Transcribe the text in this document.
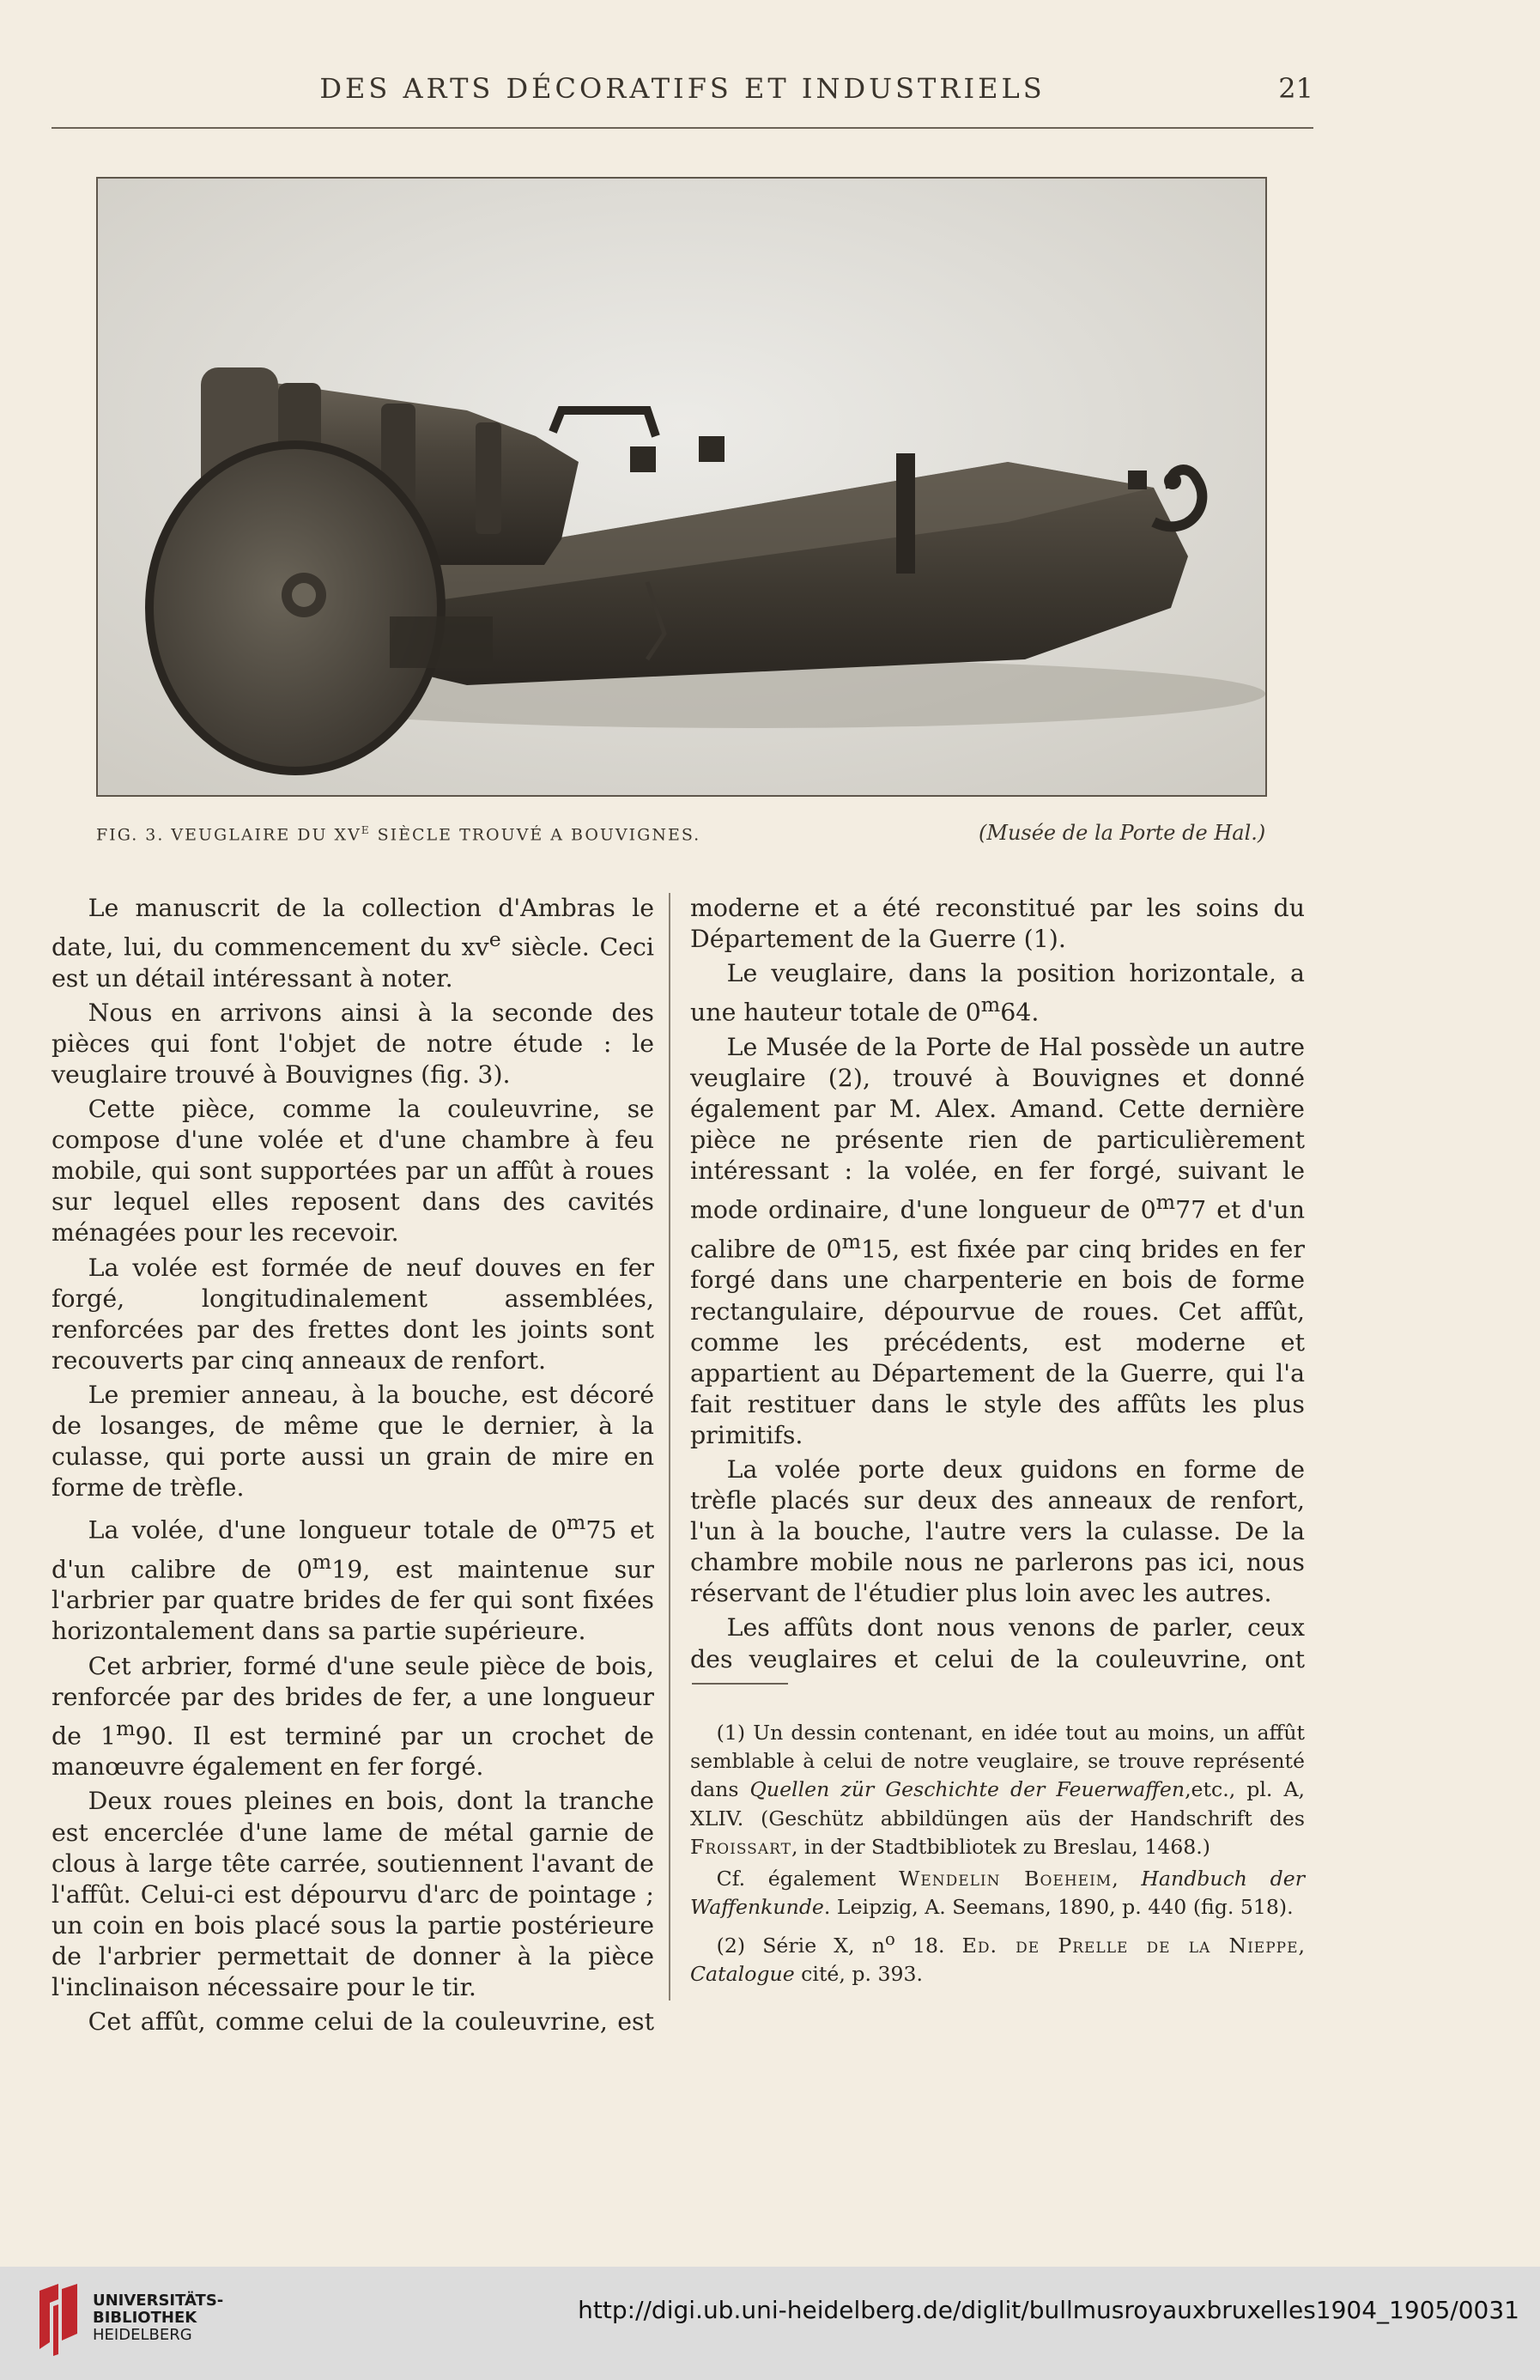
DES ARTS DÉCORATIFS ET INDUSTRIELS	21
FIG. 3. VEUGLAIRE DU $XV^E$ SIÈCLE TROUVÉ A BOUVIGNES.	(Musée de la Porte de Hal.)

Le manuscrit de la collection d'Ambras le date, lui, du commencement du $xv^e$ siècle. Ceci est un détail intéressant à noter.

Nous en arrivons ainsi à la seconde des pièces qui font l'objet de notre étude : le veuglaire trouvé à Bouvignes (fig. 3).

Cette pièce, comme la couleuvrine, se compose d'une volée et d'une chambre à feu mobile, qui sont supportées par un affût à roues sur lequel elles reposent dans des cavités ménagées pour les recevoir.

La volée est formée de neuf douves en fer forgé, longitudinalement assemblées, renforcées par des frettes dont les joints sont recouverts par cinq anneaux de renfort.

Le premier anneau, à la bouche, est décoré de losanges, de même que le dernier, à la culasse, qui porte aussi un grain de mire en forme de trèfle.

La volée, d'une longueur totale de 0$^m$75 et d'un calibre de 0$^m$19, est maintenue sur l'arbrier par quatre brides de fer qui sont fixées horizontalement dans sa partie supérieure.

Cet arbrier, formé d'une seule pièce de bois, renforcée par des brides de fer, a une longueur de 1$^m$90. Il est terminé par un crochet de manœuvre également en fer forgé.

Deux roues pleines en bois, dont la tranche est encerclée d'une lame de métal garnie de clous à large tête carrée, soutiennent l'avant de l'affût. Celui-ci est dépourvu d'arc de pointage ; un coin en bois placé sous la partie postérieure de l'arbrier permettait de donner à la pièce l'inclinaison nécessaire pour le tir.

Cet affût, comme celui de la couleuvrine, est

moderne et a été reconstitué par les soins du Département de la Guerre (1).

Le veuglaire, dans la position horizontale, a une hauteur totale de 0$^m$64.

Le Musée de la Porte de Hal possède un autre veuglaire (2), trouvé à Bouvignes et donné également par M. Alex. Amand. Cette dernière pièce ne présente rien de particulièrement intéressant : la volée, en fer forgé, suivant le mode ordinaire, d'une longueur de 0$^m$77 et d'un calibre de 0$^m$15, est fixée par cinq brides en fer forgé dans une charpenterie en bois de forme rectangulaire, dépourvue de roues. Cet affût, comme les précédents, est moderne et appartient au Département de la Guerre, qui l'a fait restituer dans le style des affûts les plus primitifs.

La volée porte deux guidons en forme de trèfle placés sur deux des anneaux de renfort, l'un à la bouche, l'autre vers la culasse. De la chambre mobile nous ne parlerons pas ici, nous réservant de l'étudier plus loin avec les autres.

Les affûts dont nous venons de parler, ceux des veuglaires et celui de la couleuvrine, ont

(1) Un dessin contenant, en idée tout au moins, un affût semblable à celui de notre veuglaire, se trouve représenté dans Quellen zür Geschichte der Feuerwaffen,etc., pl. A, XLIV. (Geschütz abbildüngen aüs der Handschrift des Froissart, in der Stadtbibliotek zu Breslau, 1468.)

Cf. également Wendelin Boeheim, Handbuch der Waffenkunde. Leipzig, A. Seemans, 1890, p. 440 (fig. 518).

(2) Série X, $n^o$ 18. Ed. de Prelle de la Nieppe, Catalogue cité, p. 393.

UNIVERSITÄTS-
BIBLIOTHEK
HEIDELBERG
http://digi.ub.uni-heidelberg.de/diglit/bullmusroyauxbruxelles1904_1905/0031
